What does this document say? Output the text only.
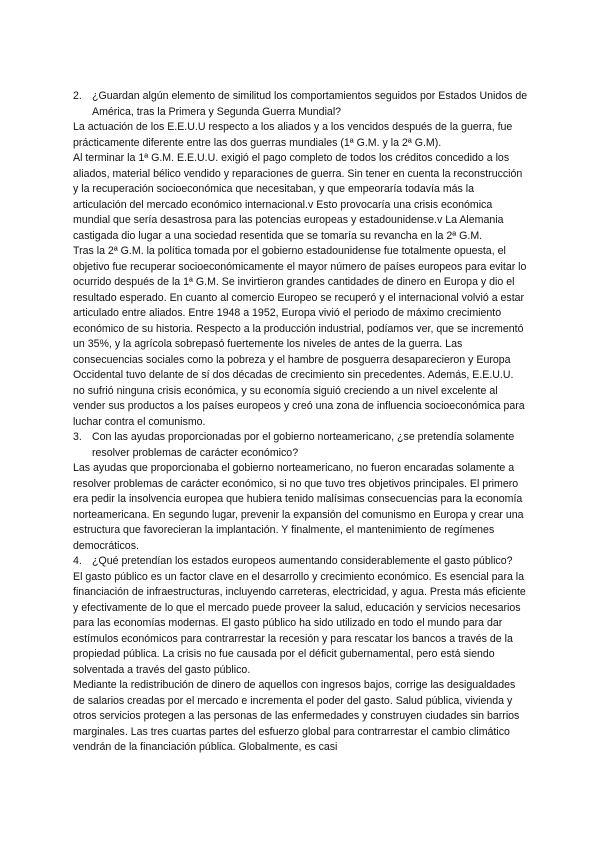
2. ¿Guardan algún elemento de similitud los comportamientos seguidos por Estados Unidos de América, tras la Primera y Segunda Guerra Mundial?

La actuación de los E.E.U.U respecto a los aliados y a los vencidos después de la guerra, fue prácticamente diferente entre las dos guerras mundiales (1ª G.M. y la 2ª G.M).

Al terminar la 1ª G.M. E.E.U.U. exigió el pago completo de todos los créditos concedido a los aliados, material bélico vendido y reparaciones de guerra. Sin tener en cuenta la reconstrucción y la recuperación socioeconómica que necesitaban, y que empeoraría todavía más la articulación del mercado económico internacional.v Esto provocaría una crisis económica mundial que sería desastrosa para las potencias europeas y estadounidense.v La Alemania castigada dio lugar a una sociedad resentida que se tomaría su revancha en la 2ª G.M.

Tras la 2ª G.M. la política tomada por el gobierno estadounidense fue totalmente opuesta, el objetivo fue recuperar socioeconómicamente el mayor número de países europeos para evitar lo ocurrido después de la 1ª G.M. Se invirtieron grandes cantidades de dinero en Europa y dio el resultado esperado. En cuanto al comercio Europeo se recuperó y el internacional volvió a estar articulado entre aliados. Entre 1948 a 1952, Europa vivió el periodo de máximo crecimiento económico de su historia. Respecto a la producción industrial, podíamos ver, que se incrementó un 35%, y la agrícola sobrepasó fuertemente los niveles de antes de la guerra. Las consecuencias sociales como la pobreza y el hambre de posguerra desaparecieron y Europa Occidental tuvo delante de sí dos décadas de crecimiento sin precedentes. Además, E.E.U.U. no sufrió ninguna crisis económica, y su economía siguió creciendo a un nivel excelente al vender sus productos a los países europeos y creó una zona de influencia socioeconómica para luchar contra el comunismo.

3. Con las ayudas proporcionadas por el gobierno norteamericano, ¿se pretendía solamente resolver problemas de carácter económico?

Las ayudas que proporcionaba el gobierno norteamericano, no fueron encaradas solamente a resolver problemas de carácter económico, si no que tuvo tres objetivos principales. El primero era pedir la insolvencia europea que hubiera tenido malísimas consecuencias para la economía norteamericana. En segundo lugar, prevenir la expansión del comunismo en Europa y crear una estructura que favorecieran la implantación. Y finalmente, el mantenimiento de regímenes democráticos.

4. ¿Qué pretendían los estados europeos aumentando considerablemente el gasto público?

El gasto público es un factor clave en el desarrollo y crecimiento económico. Es esencial para la financiación de infraestructuras, incluyendo carreteras, electricidad, y agua. Presta más eficiente y efectivamente de lo que el mercado puede proveer la salud, educación y servicios necesarios para las economías modernas. El gasto público ha sido utilizado en todo el mundo para dar estímulos económicos para contrarrestar la recesión y para rescatar los bancos a través de la propiedad pública. La crisis no fue causada por el déficit gubernamental, pero está siendo solventada a través del gasto público.

Mediante la redistribución de dinero de aquellos con ingresos bajos, corrige las desigualdades de salarios creadas por el mercado e incrementa el poder del gasto. Salud pública, vivienda y otros servicios protegen a las personas de las enfermedades y construyen ciudades sin barrios marginales. Las tres cuartas partes del esfuerzo global para contrarrestar el cambio climático vendrán de la financiación pública. Globalmente, es casi
